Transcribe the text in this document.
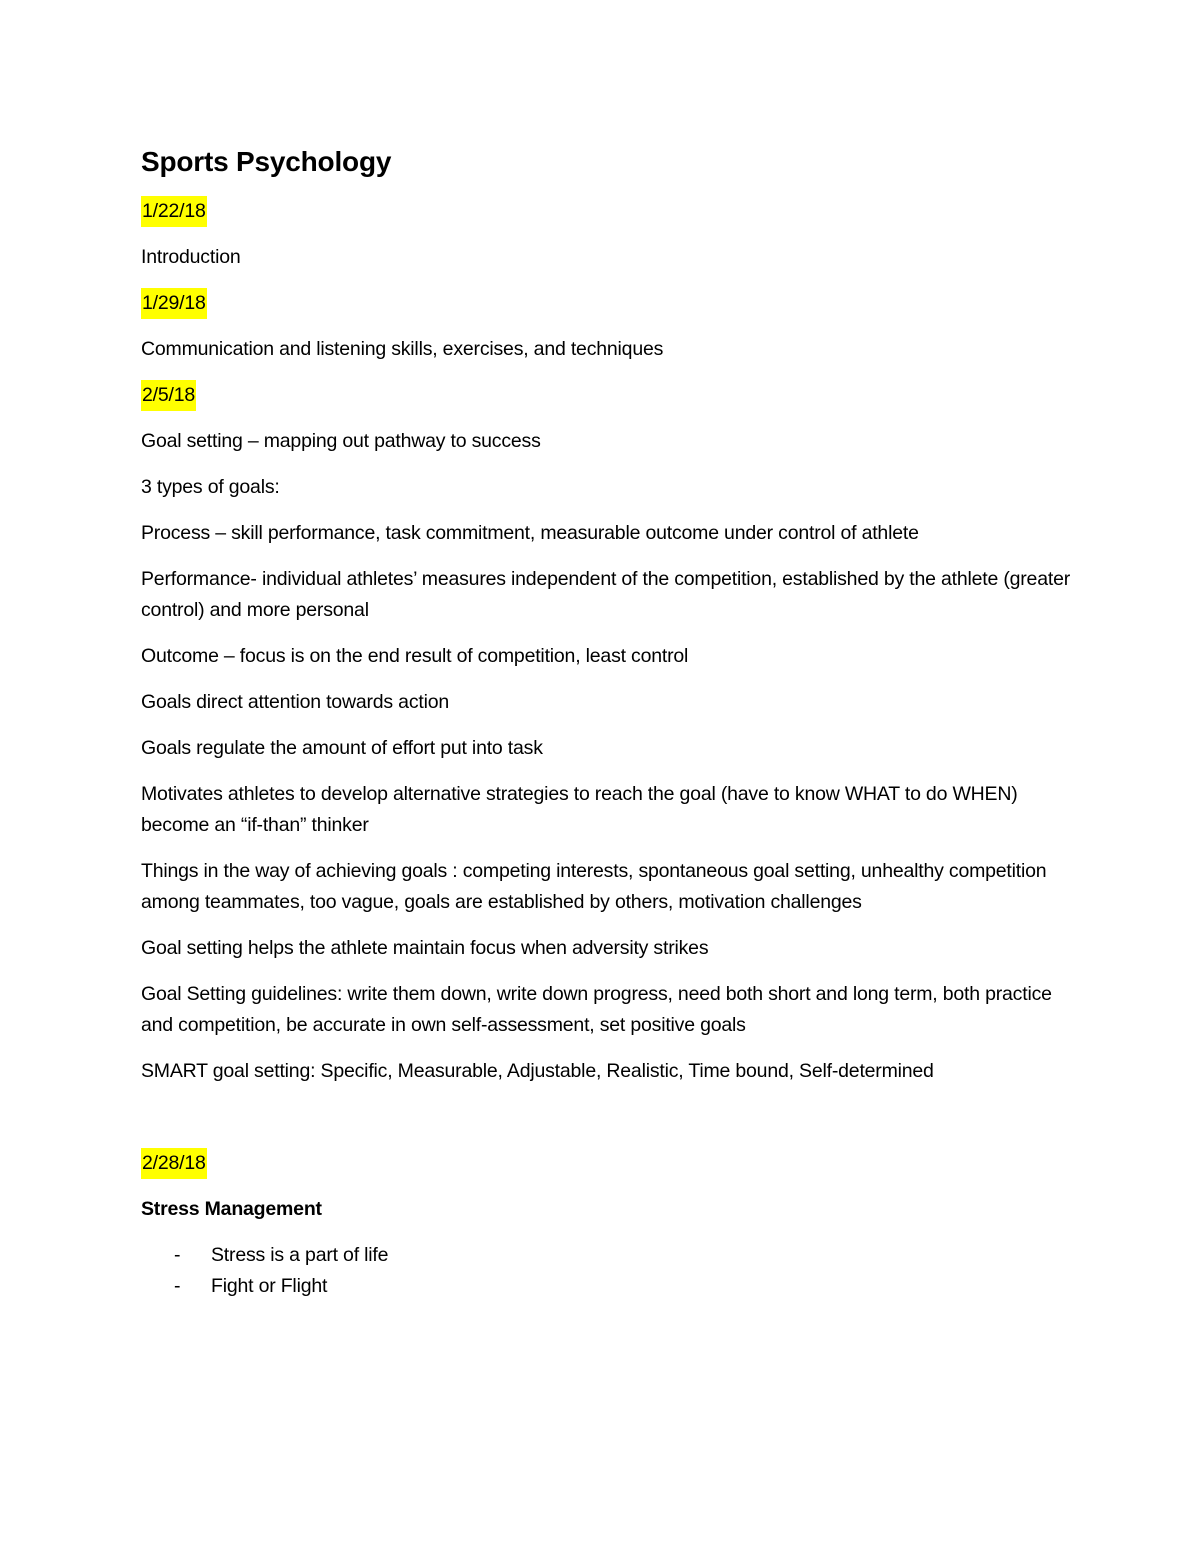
Sports Psychology

1/22/18

Introduction

1/29/18

Communication and listening skills, exercises, and techniques

2/5/18

Goal setting – mapping out pathway to success

3 types of goals:

Process – skill performance, task commitment, measurable outcome under control of athlete

Performance- individual athletes’ measures independent of the competition, established by the athlete (greater control) and more personal

Outcome – focus is on the end result of competition, least control

Goals direct attention towards action

Goals regulate the amount of effort put into task

Motivates athletes to develop alternative strategies to reach the goal (have to know WHAT to do WHEN) become an “if-than” thinker

Things in the way of achieving goals : competing interests, spontaneous goal setting, unhealthy competition among teammates, too vague, goals are established by others, motivation challenges

Goal setting helps the athlete maintain focus when adversity strikes

Goal Setting guidelines: write them down, write down progress, need both short and long term, both practice and competition, be accurate in own self-assessment, set positive goals

SMART goal setting: Specific, Measurable, Adjustable, Realistic, Time bound, Self-determined

2/28/18

Stress Management

- Stress is a part of life
- Fight or Flight
